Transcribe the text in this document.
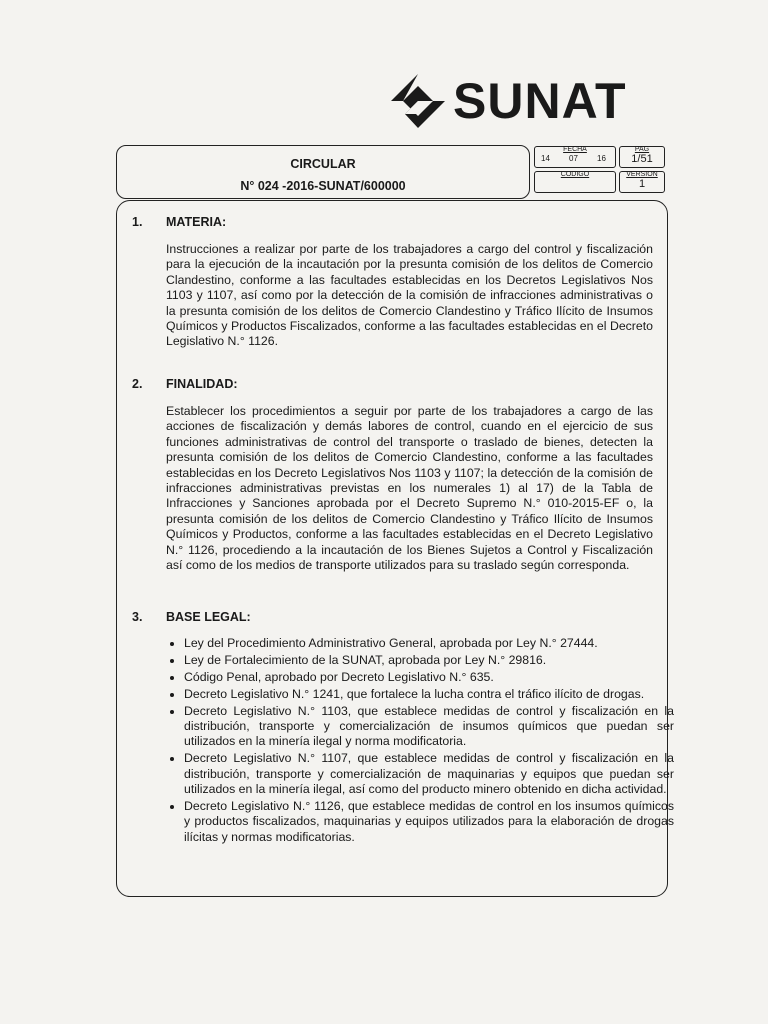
SUNAT
CIRCULAR
N° 024 -2016-SUNAT/600000
FECHA
14 07 16
PAG
1/51
CODIGO	VERSION
1
1. MATERIA:
Instrucciones a realizar por parte de los trabajadores a cargo del control y fiscalización para la ejecución de la incautación por la presunta comisión de los delitos de Comercio Clandestino, conforme a las facultades establecidas en los Decretos Legislativos Nos 1103 y 1107, así como por la detección de la comisión de infracciones administrativas o la presunta comisión de los delitos de Comercio Clandestino y Tráfico Ilícito de Insumos Químicos y Productos Fiscalizados, conforme a las facultades establecidas en el Decreto Legislativo N.° 1126.
2. FINALIDAD:
Establecer los procedimientos a seguir por parte de los trabajadores a cargo de las acciones de fiscalización y demás labores de control, cuando en el ejercicio de sus funciones administrativas de control del transporte o traslado de bienes, detecten la presunta comisión de los delitos de Comercio Clandestino, conforme a las facultades establecidas en los Decreto Legislativos Nos 1103 y 1107; la detección de la comisión de infracciones administrativas previstas en los numerales 1) al 17) de la Tabla de Infracciones y Sanciones aprobada por el Decreto Supremo N.° 010-2015-EF o, la presunta comisión de los delitos de Comercio Clandestino y Tráfico Ilícito de Insumos Químicos y Productos, conforme a las facultades establecidas en el Decreto Legislativo N.° 1126, procediendo a la incautación de los Bienes Sujetos a Control y Fiscalización así como de los medios de transporte utilizados para su traslado según corresponda.
3. BASE LEGAL:
• Ley del Procedimiento Administrativo General, aprobada por Ley N.° 27444.
• Ley de Fortalecimiento de la SUNAT, aprobada por Ley N.° 29816.
• Código Penal, aprobado por Decreto Legislativo N.° 635.
• Decreto Legislativo N.° 1241, que fortalece la lucha contra el tráfico ilícito de drogas.
• Decreto Legislativo N.° 1103, que establece medidas de control y fiscalización en la distribución, transporte y comercialización de insumos químicos que puedan ser utilizados en la minería ilegal y norma modificatoria.
• Decreto Legislativo N.° 1107, que establece medidas de control y fiscalización en la distribución, transporte y comercialización de maquinarias y equipos que puedan ser utilizados en la minería ilegal, así como del producto minero obtenido en dicha actividad.
• Decreto Legislativo N.° 1126, que establece medidas de control en los insumos químicos y productos fiscalizados, maquinarias y equipos utilizados para la elaboración de drogas ilícitas y normas modificatorias.
